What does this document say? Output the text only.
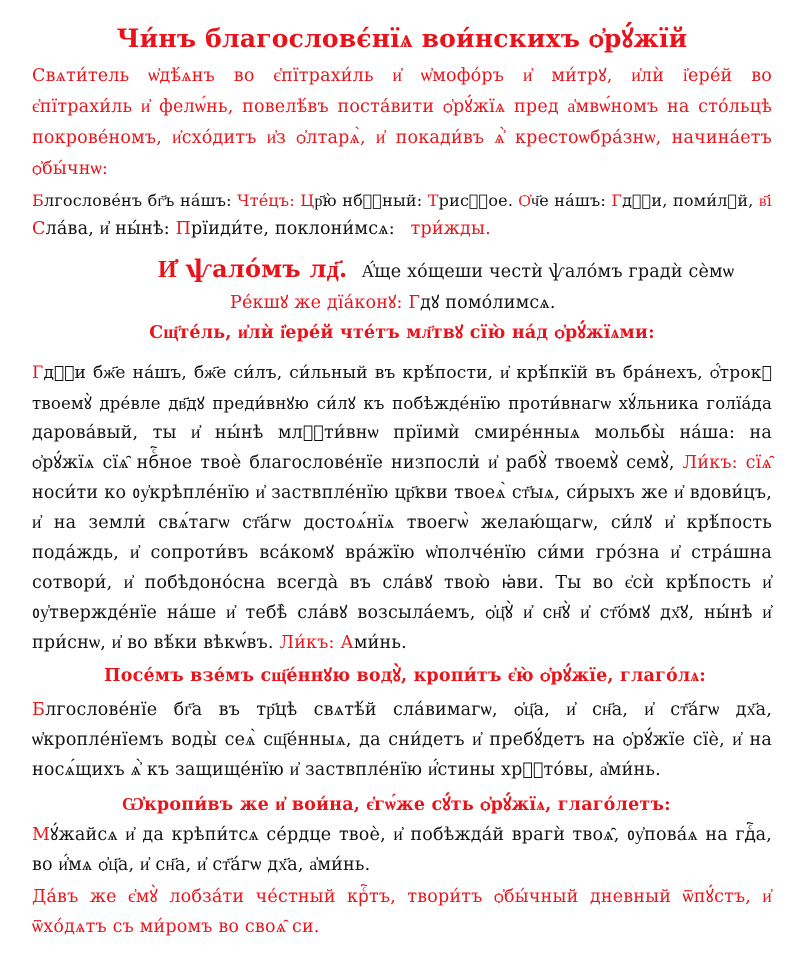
Чи́нъ благословє́нїѧ вои́нскихъ ѻ҆рꙋ́жїй
Свѧти́тель ѡ҆дѣ́ѧнъ во є҆пїтрахи́ль и҆ ѡ҆мофо́ръ и҆ ми́трꙋ, и҆лѝ і҆ере́й во
є҆пїтрахи́ль и҆ фелѡ́нь, повелѣ́въ поста́вити ѻ҆рꙋ́жїѧ пред а҆мвѡ́номъ на сто́льцѣ
покрове́номъ, и҆схо́дитъ и҆з ѻ҆лтарѧ̀, и҆ покади́въ ѧ҆̀ крестоѡбра́знѡ, начина́етъ
ѻ҆бы́чнѡ:
Блгослове́нъ бг҃ъ на́шъ: Чте́цъ: Цр҃ю̀ нбⷭ҇ный: Трисⷮ҇ое. Ѻ҆ч҃е на́шъ: Гдⷭ҇и, поми́лꙋй, в҃і
Сла́ва, и҆ ны́нѣ: Прїиди́те, поклони́мсѧ: три́жды.
И҆ ѱало́мъ лд҃. А҆́ще хо́щеши честѝ ѱало́мъ градѝ сѐмѡ
Ре́кшꙋ же дїа́конꙋ: Гдꙋ помо́лимсѧ.
Сщ҃те́ль, и҆лѝ і҆ере́й чте́тъ мл҃твꙋ сїю̀ на́д ѻ҆рꙋ́жїѧми:
Гдⷭ҇и бж҃е на́шъ, бж҃е си́лъ, си́льный въ крѣ́пости, и҆ крѣ́пкїй въ бра́нехъ, ѻ҆́трокꙋ
твоемꙋ̀ дре́вле дв҃дꙋ преди́внꙋю си́лꙋ къ побѣжде́нїю проти́внагѡ хꙋ́льника голїа́да
дарова́вый, ты и҆ ны́нѣ млⷭ҇ти́внѡ прїимѝ смире́нныѧ мольбы̀ на́ша: на
ѻ҆рꙋ́жїѧ сїѧ̑ нбⷭ҇ное твоѐ благослове́нїе низпосли̇ и҆ рабꙋ̀ твоемꙋ̀ семꙋ̀, Ли́къ: сїѧ̑
носи́ти ко ᲂу҆крѣпле́нїю и҆ заствпле́нїю цр҃кви твоеѧ̀ ст҃ыѧ, си́рыхъ же и҆ вдови́цъ,
и҆ на земли̇ свѧ́тагѡ ст҃а́гѡ достоѧ́нїѧ твоегѡ̀ желаю́щагѡ, си́лꙋ и҆ крѣ́пость
пода́ждь, и҆ сопроти́въ вса́комꙋ вра́жїю ѡ҆полче́нїю си́ми гро́зна и҆ стра́шна
сотвори́, и҆ побѣдоно́сна всегда̀ въ сла́вꙋ твою̀ ꙗ҆ви. Ты во є҆сѝ крѣ́пость и҆
ᲂу҆твержде́нїе на́ше и҆ тебѣ̀ сла́вꙋ возсыла́емъ, ѻ҆ц҃ꙋ̀ и҆ сн҃ꙋ̀ и҆ ст҃о́мꙋ дх҃ꙋ, ны́нѣ и҆
при́снѡ, и҆ во вѣ́ки вѣкѡ́въ. Ли́къ: Ами́нь.
Посе́мъ взе́мъ сщ҃е́ннꙋю водꙋ̀, кропи́тъ є҆ю̀ ѻ҆рꙋ́жїе, глаго́лѧ:
Блгослове́нїе бг҃а въ тр҃цѣ свѧтѣ́й сла́вимагѡ, ѻ҆ц҃а, и҆ сн҃а, и҆ ст҃а́гѡ дх҃а,
ѡ҆кропле́нїемъ воды̀ сеѧ̀ сщ҃е́нныѧ, да сни́детъ и҆ пребꙋ́детъ на ѻ҆рꙋ́жїе сїѐ, и҆ на
носѧ́щихъ ѧ҆̀ къ защище́нїю и҆ заствпле́нїю и҆́стины хрⷭ҇то́вы, а҆ми́нь.
Ѡ҆кропи́въ же и҆ вои́на, є҆гѡ́же сꙋ́ть ѻ҆рꙋ́жїѧ, глаго́летъ:
Мꙋ́жайсѧ и҆ да крѣпи́тсѧ се́рдце твоѐ, и҆ побѣжда́й врагѝ твоѧ̑, ᲂу҆пова́ѧ на гдⷭ҇а,
во и҆́мѧ ѻ҆ц҃а, и҆ сн҃а, и҆ ст҃а́гѡ дх҃а, а҆ми́нь.
Да́въ же є҆мꙋ̀ лобза́ти че́стный крⷭ҇тъ, твори́тъ ѻ҆бы́чный дневный ѿпꙋ́стъ, и҆
ѿхо́дѧтъ съ ми́ромъ во своѧ̑ си.
